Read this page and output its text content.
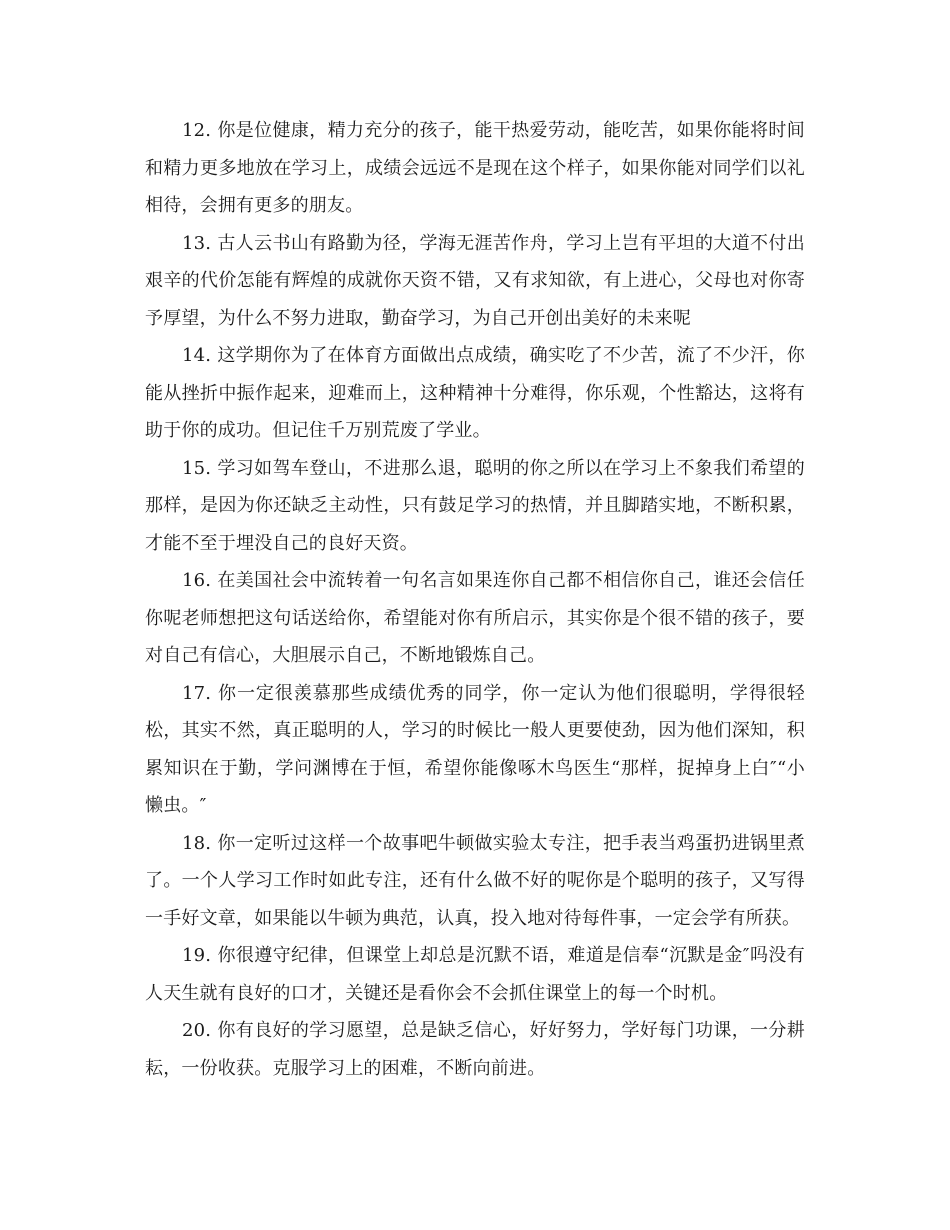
12. 你是位健康，精力充分的孩子，能干热爱劳动，能吃苦，如果你能将时间和精力更多地放在学习上，成绩会远远不是现在这个样子，如果你能对同学们以礼相待，会拥有更多的朋友。

13. 古人云书山有路勤为径，学海无涯苦作舟，学习上岂有平坦的大道不付出艰辛的代价怎能有辉煌的成就你天资不错，又有求知欲，有上进心，父母也对你寄予厚望，为什么不努力进取，勤奋学习，为自己开创出美好的未来呢

14. 这学期你为了在体育方面做出点成绩，确实吃了不少苦，流了不少汗，你能从挫折中振作起来，迎难而上，这种精神十分难得，你乐观，个性豁达，这将有助于你的成功。但记住千万别荒废了学业。

15. 学习如驾车登山，不进那么退，聪明的你之所以在学习上不象我们希望的那样，是因为你还缺乏主动性，只有鼓足学习的热情，并且脚踏实地，不断积累，才能不至于埋没自己的良好天资。

16. 在美国社会中流转着一句名言如果连你自己都不相信你自己，谁还会信任你呢老师想把这句话送给你，希望能对你有所启示，其实你是个很不错的孩子，要对自己有信心，大胆展示自己，不断地锻炼自己。

17. 你一定很羡慕那些成绩优秀的同学，你一定认为他们很聪明，学得很轻松，其实不然，真正聪明的人，学习的时候比一般人更要使劲，因为他们深知，积累知识在于勤，学问渊博在于恒，希望你能像啄木鸟医生“那样，捉掉身上白″“小懒虫。″

18. 你一定听过这样一个故事吧牛顿做实验太专注，把手表当鸡蛋扔进锅里煮了。一个人学习工作时如此专注，还有什么做不好的呢你是个聪明的孩子，又写得一手好文章，如果能以牛顿为典范，认真，投入地对待每件事，一定会学有所获。

19. 你很遵守纪律，但课堂上却总是沉默不语，难道是信奉“沉默是金″吗没有人天生就有良好的口才，关键还是看你会不会抓住课堂上的每一个时机。

20. 你有良好的学习愿望，总是缺乏信心，好好努力，学好每门功课，一分耕耘，一份收获。克服学习上的困难，不断向前进。
